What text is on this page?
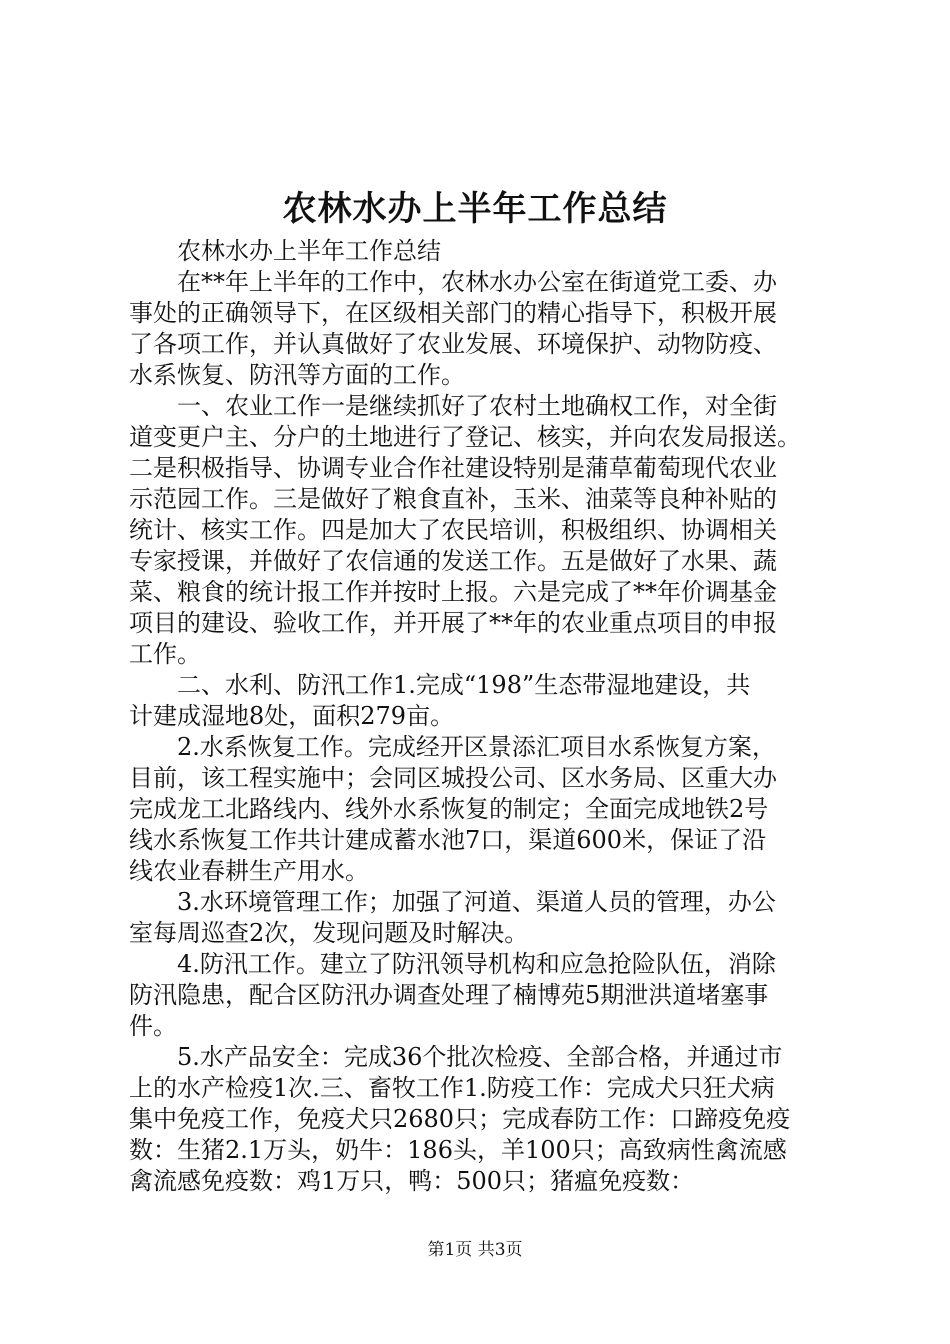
农林水办上半年工作总结
　　农林水办上半年工作总结
　　在**年上半年的工作中，农林水办公室在街道党工委、办
事处的正确领导下，在区级相关部门的精心指导下，积极开展
了各项工作，并认真做好了农业发展、环境保护、动物防疫、
水系恢复、防汛等方面的工作。
　　一、农业工作一是继续抓好了农村土地确权工作，对全街
道变更户主、分户的土地进行了登记、核实，并向农发局报送。
二是积极指导、协调专业合作社建设特别是蒲草葡萄现代农业
示范园工作。三是做好了粮食直补，玉米、油菜等良种补贴的
统计、核实工作。四是加大了农民培训，积极组织、协调相关
专家授课，并做好了农信通的发送工作。五是做好了水果、蔬
菜、粮食的统计报工作并按时上报。六是完成了**年价调基金
项目的建设、验收工作，并开展了**年的农业重点项目的申报
工作。
　　二、水利、防汛工作1.完成“198”生态带湿地建设，共
计建成湿地8处，面积279亩。
　　2.水系恢复工作。完成经开区景添汇项目水系恢复方案，
目前，该工程实施中；会同区城投公司、区水务局、区重大办
完成龙工北路线内、线外水系恢复的制定；全面完成地铁2号
线水系恢复工作共计建成蓄水池7口，渠道600米，保证了沿
线农业春耕生产用水。
　　3.水环境管理工作；加强了河道、渠道人员的管理，办公
室每周巡查2次，发现问题及时解决。
　　4.防汛工作。建立了防汛领导机构和应急抢险队伍，消除
防汛隐患，配合区防汛办调查处理了楠博苑5期泄洪道堵塞事
件。
　　5.水产品安全：完成36个批次检疫、全部合格，并通过市
上的水产检疫1次.三、畜牧工作1.防疫工作：完成犬只狂犬病
集中免疫工作，免疫犬只2680只；完成春防工作：口蹄疫免疫
数：生猪2.1万头，奶牛：186头，羊100只；高致病性禽流感
禽流感免疫数：鸡1万只，鸭：500只；猪瘟免疫数：
第1页 共3页
